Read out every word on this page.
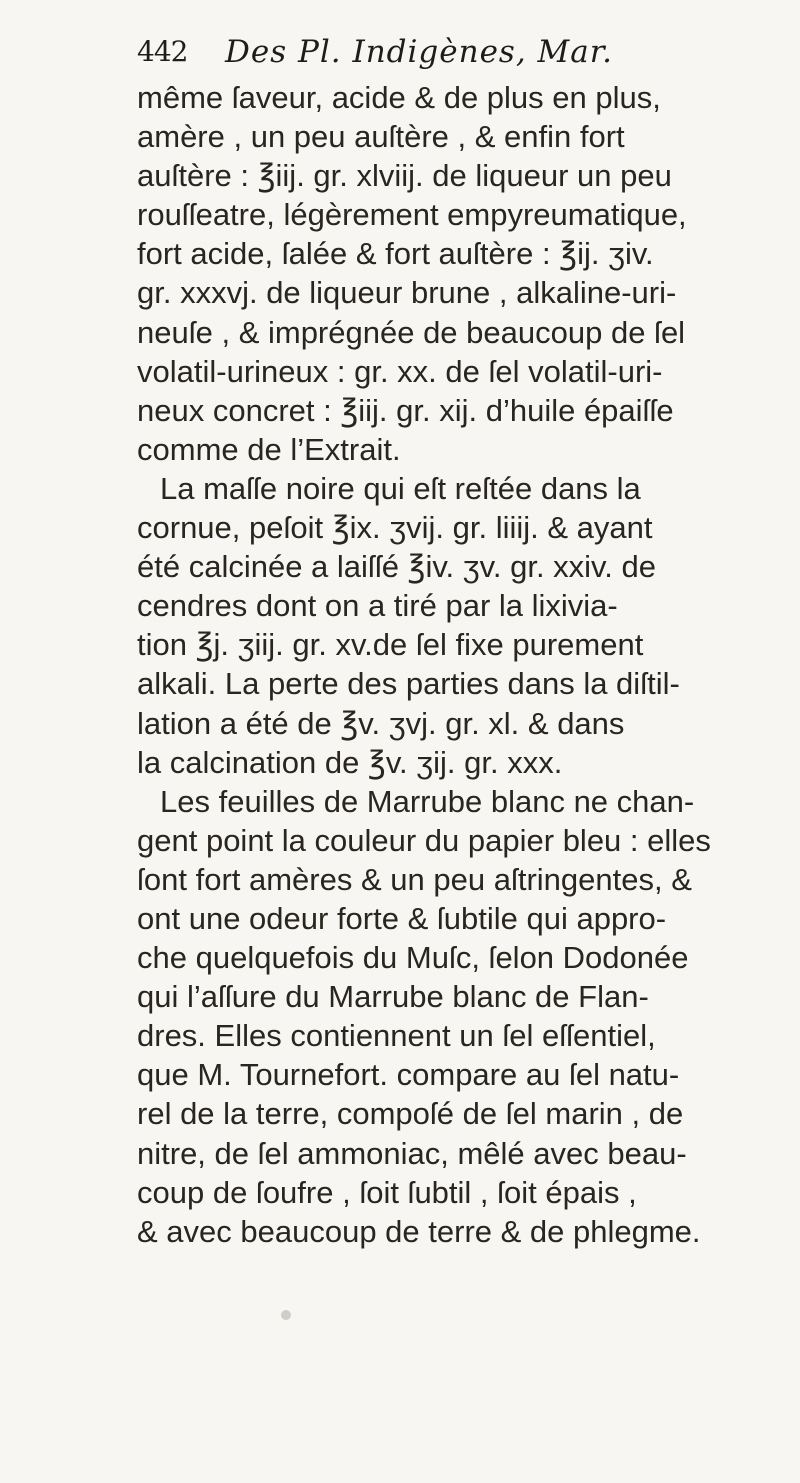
442 Des Pl. Indigènes, Mar.
même ſaveur, acide & de plus en plus,
amère , un peu auſtère , & enfin fort
auſtère : ℥iij. gr. xlviij. de liqueur un peu
rouſſeatre, légèrement empyreumatique,
fort acide, ſalée & fort auſtère : ℥ij. ʒiv.
gr. xxxvj. de liqueur brune , alkaline-uri-
neuſe , & imprégnée de beaucoup de ſel
volatil-urineux : gr. xx. de ſel volatil-uri-
neux concret : ℥iij. gr. xij. d’huile épaiſſe
comme de l’Extrait.
La maſſe noire qui eſt reſtée dans la
cornue, peſoit ℥ix. ʒvij. gr. liiij. & ayant
été calcinée a laiſſé ℥iv. ʒv. gr. xxiv. de
cendres dont on a tiré par la lixivia-
tion ℥j. ʒiij. gr. xv.de ſel fixe purement
alkali. La perte des parties dans la diſtil-
lation a été de ℥v. ʒvj. gr. xl. & dans
la calcination de ℥v. ʒij. gr. xxx.
Les feuilles de Marrube blanc ne chan-
gent point la couleur du papier bleu : elles
ſont fort amères & un peu aſtringentes, &
ont une odeur forte & ſubtile qui appro-
che quelquefois du Muſc, ſelon Dodonée
qui l’aſſure du Marrube blanc de Flan-
dres. Elles contiennent un ſel eſſentiel,
que M. Tournefort. compare au ſel natu-
rel de la terre, compoſé de ſel marin , de
nitre, de ſel ammoniac, mêlé avec beau-
coup de ſoufre , ſoit ſubtil , ſoit épais ,
& avec beaucoup de terre & de phlegme.
